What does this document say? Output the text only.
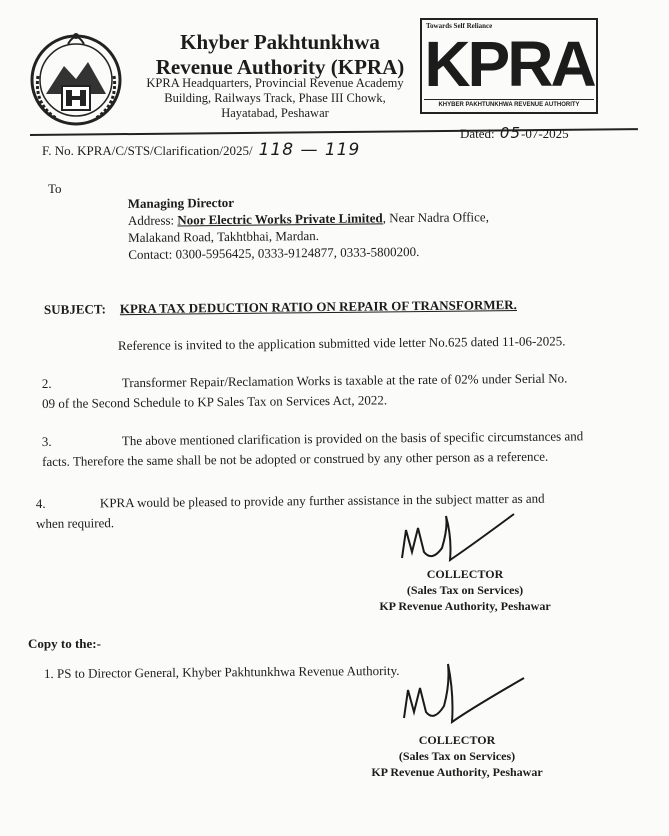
Khyber Pakhtunkhwa
Revenue Authority (KPRA)
KPRA Headquarters, Provincial Revenue Academy
Building, Railways Track, Phase III Chowk,
Hayatabad, Peshawar
Towards Self Reliance
KPRA
KHYBER PAKHTUNKHWA REVENUE AUTHORITY
F. No. KPRA/C/STS/Clarification/2025/ 118 — 119
Dated: 05-07-2025
To
Managing Director
Address: Noor Electric Works Private Limited, Near Nadra Office,
Malakand Road, Takhtbhai, Mardan.
Contact: 0300-5956425, 0333-9124877, 0333-5800200.
SUBJECT: KPRA TAX DEDUCTION RATIO ON REPAIR OF TRANSFORMER.
Reference is invited to the application submitted vide letter No.625 dated 11-06-2025.
2.	Transformer Repair/Reclamation Works is taxable at the rate of 02% under Serial No.
09 of the Second Schedule to KP Sales Tax on Services Act, 2022.
3.	The above mentioned clarification is provided on the basis of specific circumstances and
facts. Therefore the same shall be not be adopted or construed by any other person as a reference.
4.	KPRA would be pleased to provide any further assistance in the subject matter as and
when required.
COLLECTOR
(Sales Tax on Services)
KP Revenue Authority, Peshawar
Copy to the:-
1. PS to Director General, Khyber Pakhtunkhwa Revenue Authority.
COLLECTOR
(Sales Tax on Services)
KP Revenue Authority, Peshawar
